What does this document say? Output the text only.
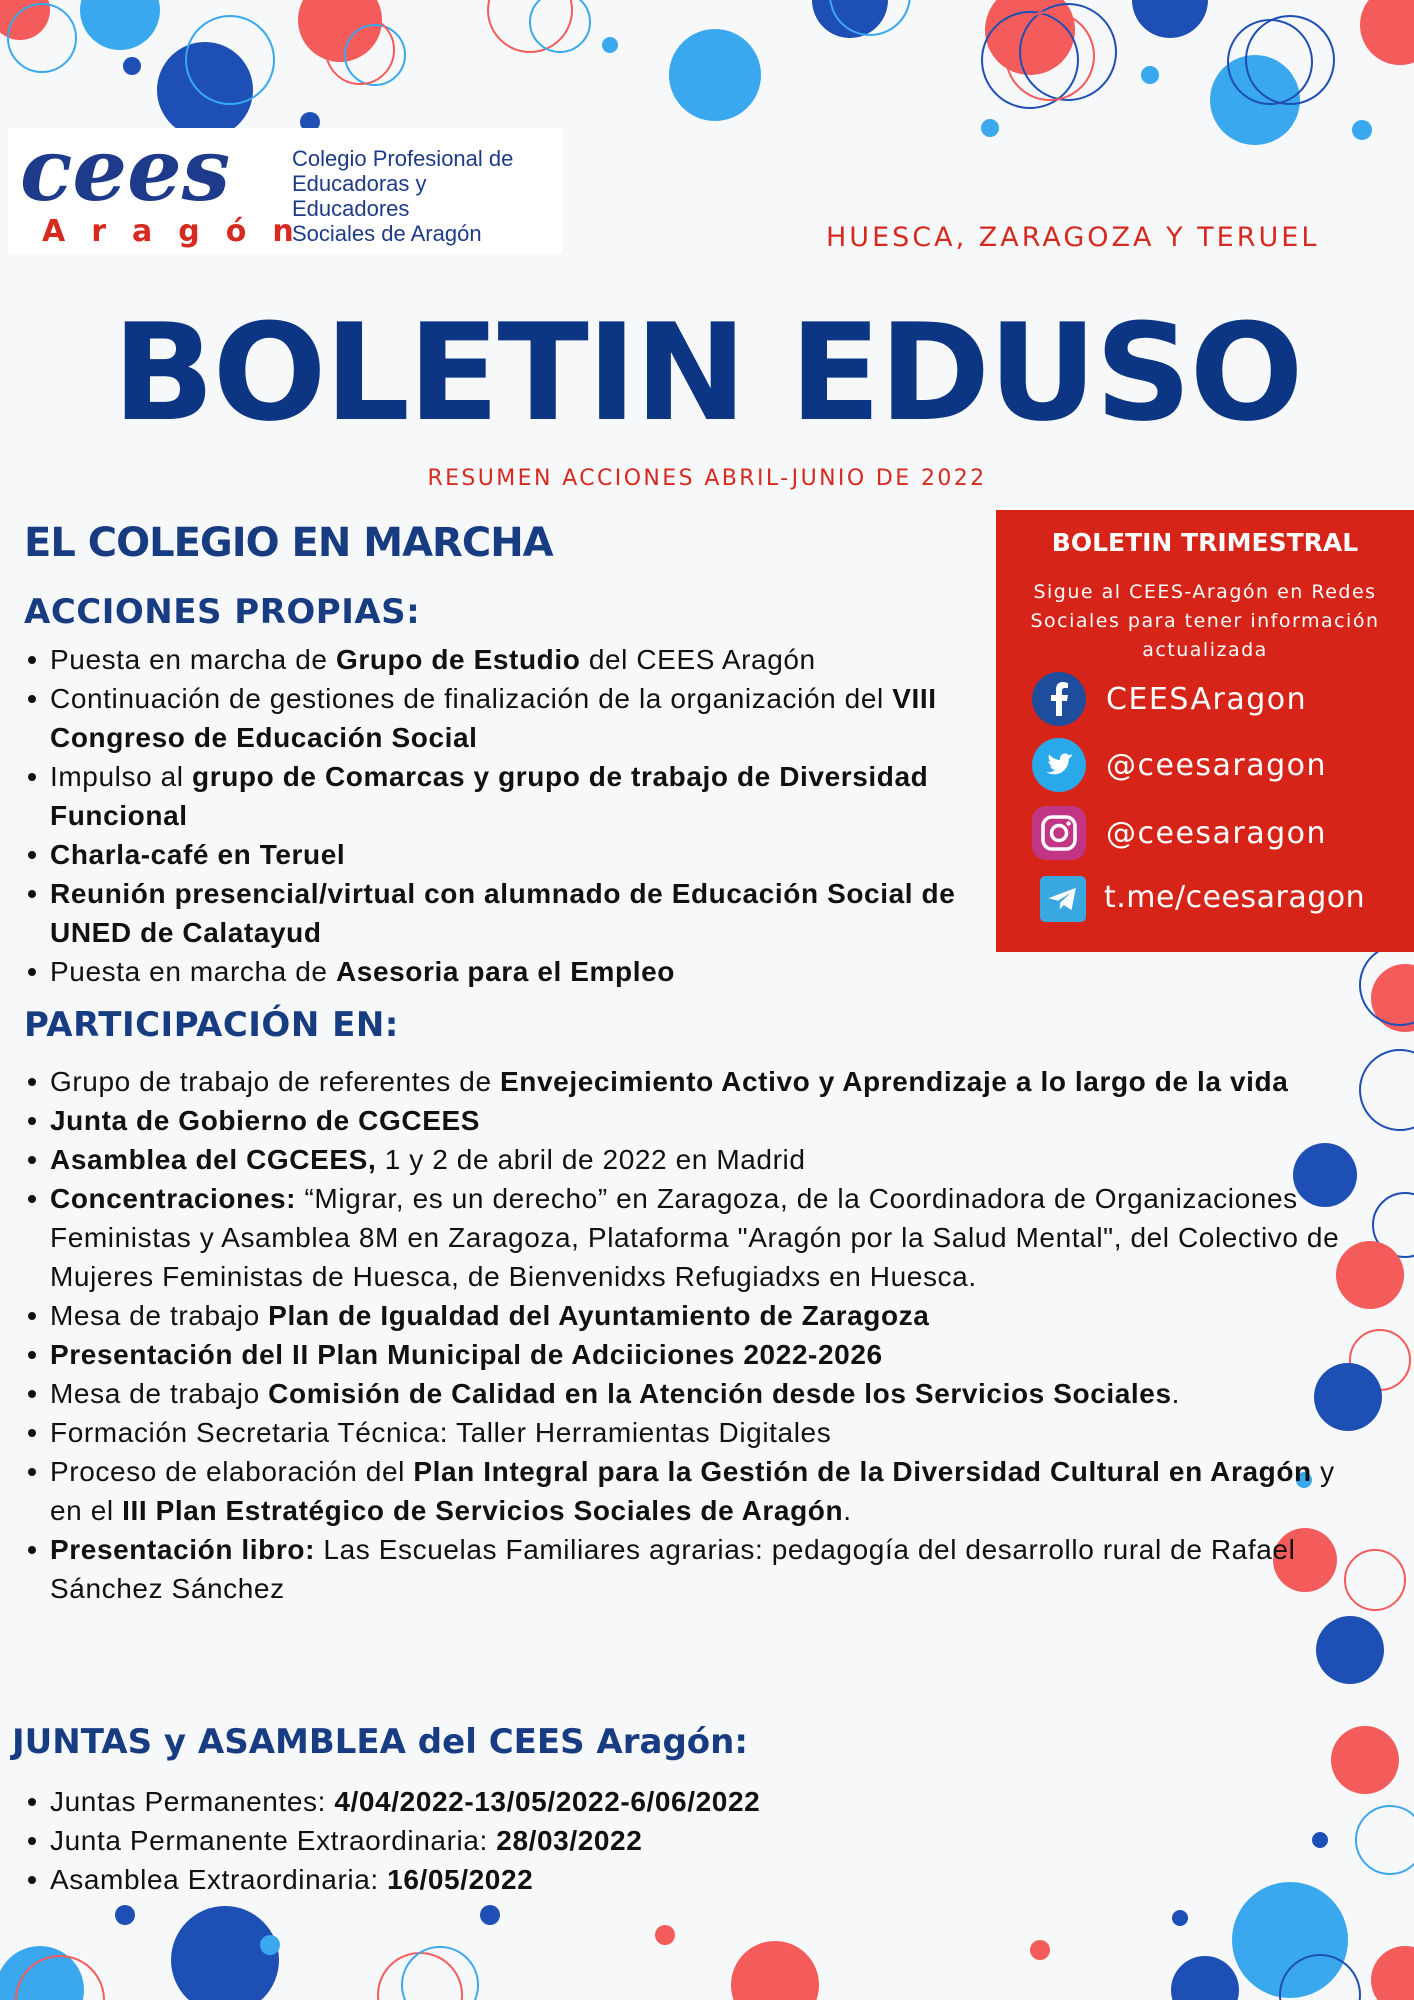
cees
Aragón
Colegio Profesional de
Educadoras y
Educadores
Sociales de Aragón	HUESCA, ZARAGOZA Y TERUEL
BOLETIN EDUSO
RESUMEN ACCIONES ABRIL-JUNIO DE 2022
EL COLEGIO EN MARCHA
ACCIONES PROPIAS:
Puesta en marcha de Grupo de Estudio del CEES Aragón
Continuación de gestiones de finalización de la organización del VIII Congreso de Educación Social
Impulso al grupo de Comarcas y grupo de trabajo de Diversidad Funcional
Charla-café en Teruel
Reunión presencial/virtual con alumnado de Educación Social de UNED de Calatayud
Puesta en marcha de Asesoria para el Empleo
PARTICIPACIÓN EN:
Grupo de trabajo de referentes de Envejecimiento Activo y Aprendizaje a lo largo de la vida
Junta de Gobierno de CGCEES
Asamblea del CGCEES, 1 y 2 de abril de 2022 en Madrid
Concentraciones: “Migrar, es un derecho” en Zaragoza, de la Coordinadora de Organizaciones Feministas y Asamblea 8M en Zaragoza, Plataforma "Aragón por la Salud Mental", del Colectivo de Mujeres Feministas de Huesca, de Bienvenidxs Refugiadxs en Huesca.
Mesa de trabajo Plan de Igualdad del Ayuntamiento de Zaragoza
Presentación del II Plan Municipal de Adciiciones 2022-2026
Mesa de trabajo Comisión de Calidad en la Atención desde los Servicios Sociales.
Formación Secretaria Técnica: Taller Herramientas Digitales
Proceso de elaboración del Plan Integral para la Gestión de la Diversidad Cultural en Aragón y en el III Plan Estratégico de Servicios Sociales de Aragón.
Presentación libro: Las Escuelas Familiares agrarias: pedagogía del desarrollo rural de Rafael Sánchez Sánchez
JUNTAS y ASAMBLEA del CEES Aragón:
Juntas Permanentes: 4/04/2022-13/05/2022-6/06/2022
Junta Permanente Extraordinaria: 28/03/2022
Asamblea Extraordinaria: 16/05/2022
BOLETIN TRIMESTRAL
Sigue al CEES-Aragón en Redes Sociales para tener información actualizada
CEESAragon
@ceesaragon
@ceesaragon
t.me/ceesaragon
